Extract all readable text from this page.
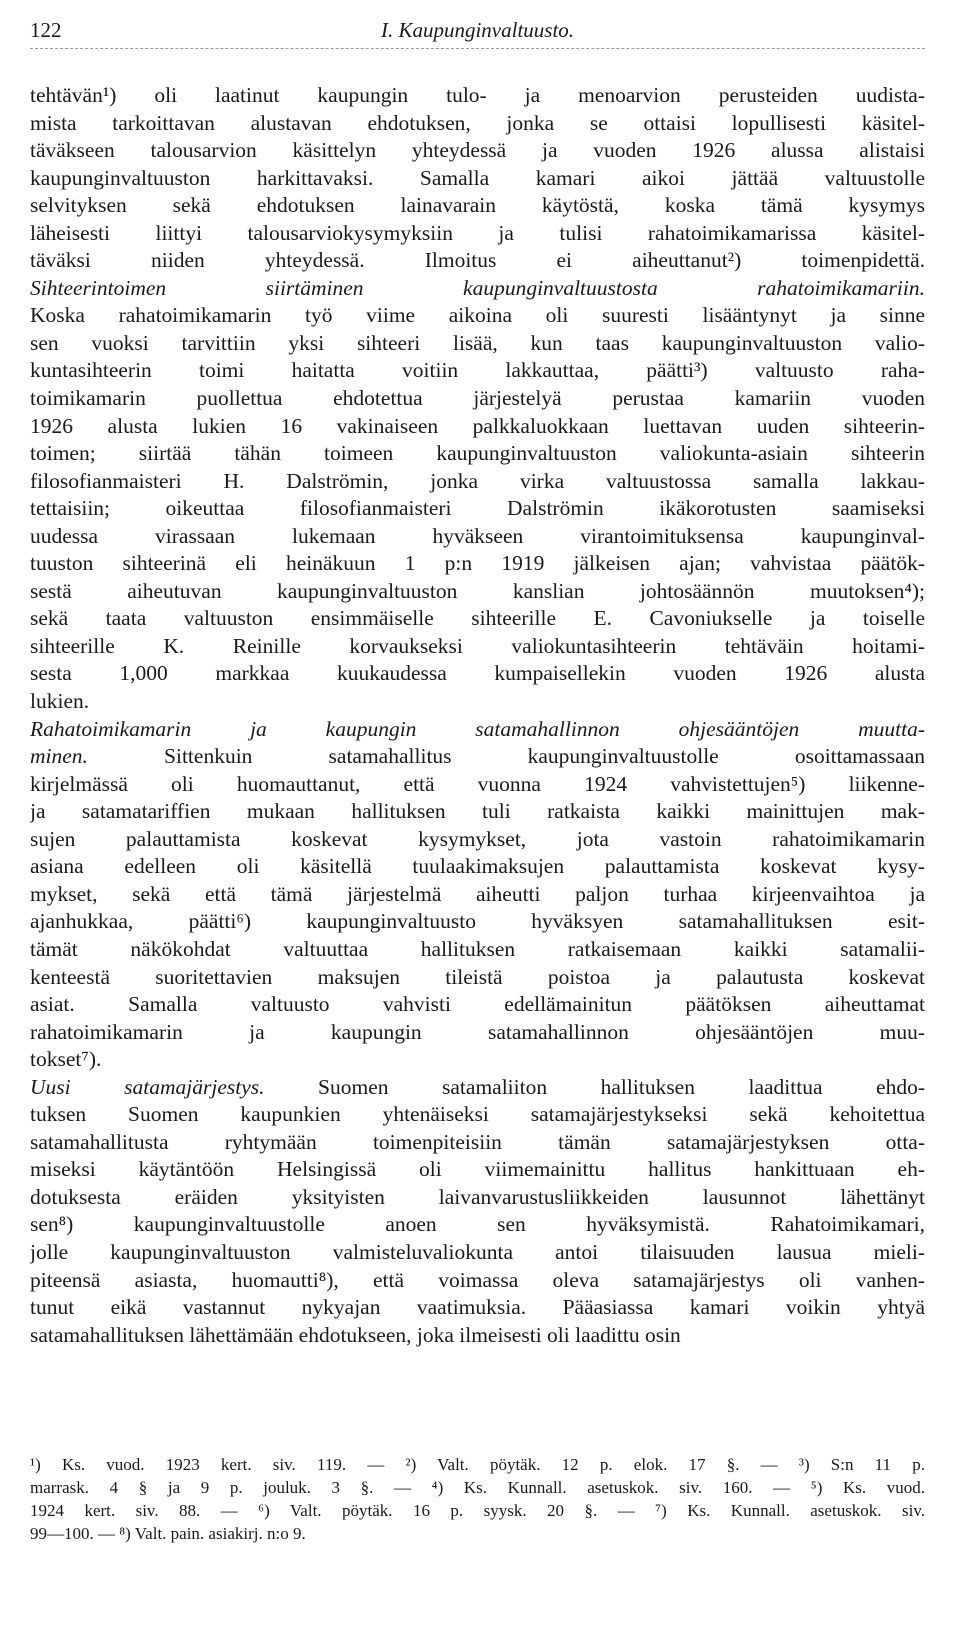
122	I. Kaupunginvaltuusto.
tehtävän¹) oli laatinut kaupungin tulo- ja menoarvion perusteiden uudista-
mista tarkoittavan alustavan ehdotuksen, jonka se ottaisi lopullisesti käsitel-
täväkseen talousarvion käsittelyn yhteydessä ja vuoden 1926 alussa alistaisi
kaupunginvaltuuston harkittavaksi. Samalla kamari aikoi jättää valtuustolle
selvityksen sekä ehdotuksen lainavarain käytöstä, koska tämä kysymys
läheisesti liittyi talousarviokysymyksiin ja tulisi rahatoimikamarissa käsitel-
täväksi niiden yhteydessä. Ilmoitus ei aiheuttanut²) toimenpidettä.
Sihteerintoimen siirtäminen kaupunginvaltuustosta rahatoimikamariin.
Koska rahatoimikamarin työ viime aikoina oli suuresti lisääntynyt ja sinne
sen vuoksi tarvittiin yksi sihteeri lisää, kun taas kaupunginvaltuuston valio-
kuntasihteerin toimi haitatta voitiin lakkauttaa, päätti³) valtuusto raha-
toimikamarin puollettua ehdotettua järjestelyä perustaa kamariin vuoden
1926 alusta lukien 16 vakinaiseen palkkaluokkaan luettavan uuden sihteerin-
toimen; siirtää tähän toimeen kaupunginvaltuuston valiokunta-asiain sihteerin
filosofianmaisteri H. Dalströmin, jonka virka valtuustossa samalla lakkau-
tettaisiin; oikeuttaa filosofianmaisteri Dalströmin ikäkorotusten saamiseksi
uudessa virassaan lukemaan hyväkseen virantoimituksensa kaupunginval-
tuuston sihteerinä eli heinäkuun 1 p:n 1919 jälkeisen ajan; vahvistaa päätök-
sestä aiheutuvan kaupunginvaltuuston kanslian johtosäännön muutoksen⁴);
sekä taata valtuuston ensimmäiselle sihteerille E. Cavoniukselle ja toiselle
sihteerille K. Reinille korvaukseksi valiokuntasihteerin tehtäväin hoitami-
sesta 1,000 markkaa kuukaudessa kumpaisellekin vuoden 1926 alusta
lukien.
Rahatoimikamarin ja kaupungin satamahallinnon ohjesääntöjen muutta-
minen. Sittenkuin satamahallitus kaupunginvaltuustolle osoittamassaan
kirjelmässä oli huomauttanut, että vuonna 1924 vahvistettujen⁵) liikenne-
ja satamatariffien mukaan hallituksen tuli ratkaista kaikki mainittujen mak-
sujen palauttamista koskevat kysymykset, jota vastoin rahatoimikamarin
asiana edelleen oli käsitellä tuulaakimaksujen palauttamista koskevat kysy-
mykset, sekä että tämä järjestelmä aiheutti paljon turhaa kirjeenvaihtoa ja
ajanhukkaa, päätti⁶) kaupunginvaltuusto hyväksyen satamahallituksen esit-
tämät näkökohdat valtuuttaa hallituksen ratkaisemaan kaikki satamalii-
kenteestä suoritettavien maksujen tileistä poistoa ja palautusta koskevat
asiat. Samalla valtuusto vahvisti edellämainitun päätöksen aiheuttamat
rahatoimikamarin ja kaupungin satamahallinnon ohjesääntöjen muu-
tokset⁷).
Uusi satamajärjestys. Suomen satamaliiton hallituksen laadittua ehdo-
tuksen Suomen kaupunkien yhtenäiseksi satamajärjestykseksi sekä kehoitettua
satamahallitusta ryhtymään toimenpiteisiin tämän satamajärjestyksen otta-
miseksi käytäntöön Helsingissä oli viimemainittu hallitus hankittuaan eh-
dotuksesta eräiden yksityisten laivanvarustusliikkeiden lausunnot lähettänyt
sen⁸) kaupunginvaltuustolle anoen sen hyväksymistä. Rahatoimikamari,
jolle kaupunginvaltuuston valmisteluvaliokunta antoi tilaisuuden lausua mieli-
piteensä asiasta, huomautti⁸), että voimassa oleva satamajärjestys oli vanhen-
tunut eikä vastannut nykyajan vaatimuksia. Pääasiassa kamari voikin yhtyä
satamahallituksen lähettämään ehdotukseen, joka ilmeisesti oli laadittu osin
¹) Ks. vuod. 1923 kert. siv. 119. — ²) Valt. pöytäk. 12 p. elok. 17 §. — ³) S:n 11 p.
marrask. 4 § ja 9 p. jouluk. 3 §. — ⁴) Ks. Kunnall. asetuskok. siv. 160. — ⁵) Ks. vuod.
1924 kert. siv. 88. — ⁶) Valt. pöytäk. 16 p. syysk. 20 §. — ⁷) Ks. Kunnall. asetuskok. siv.
99—100. — ⁸) Valt. pain. asiakirj. n:o 9.
